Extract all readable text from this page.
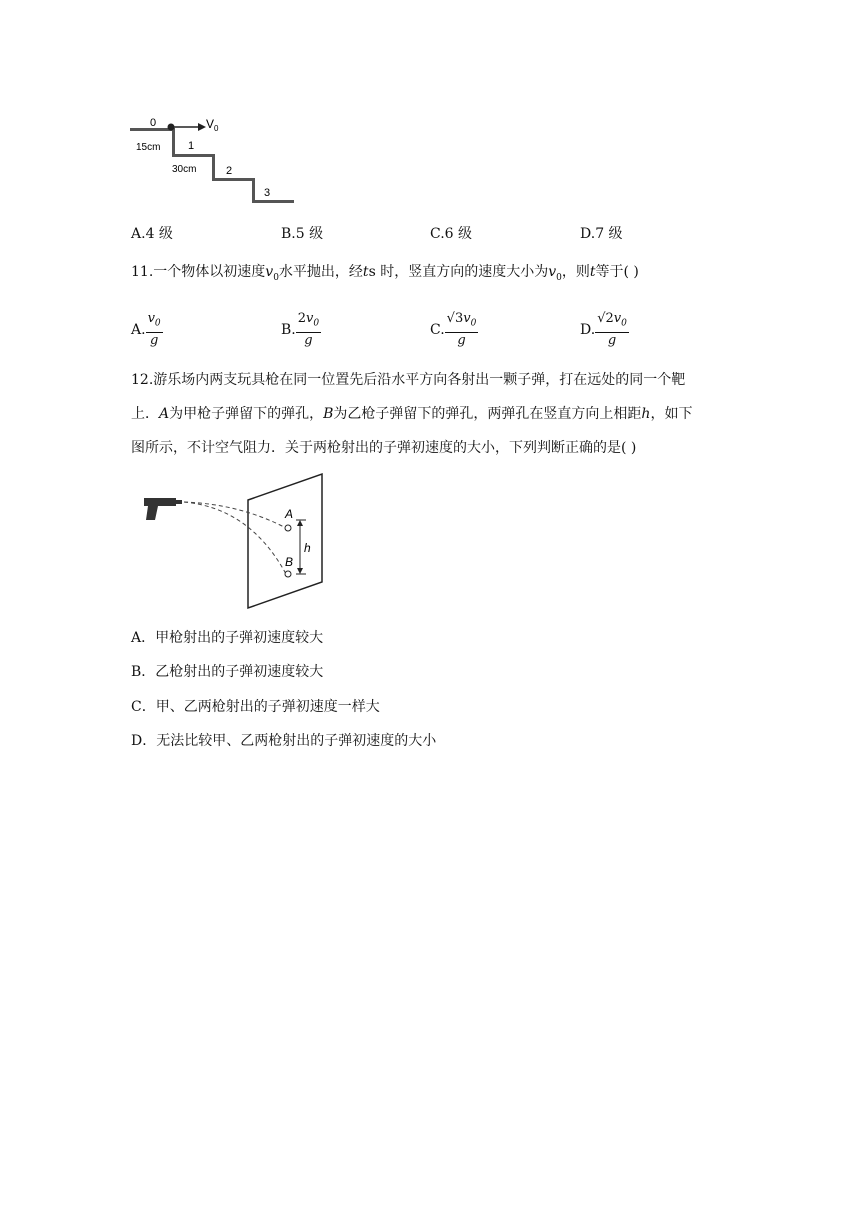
0	$V_0$
15cm	1
30cm	2
3
A.4 级	B.5 级	C.6 级	D.7 级
11.一个物体以初速度$v_0$水平抛出，经ts 时，竖直方向的速度大小为$v_0$，则t等于( )
A. $\frac{v_0}{g}$	B. $\frac{2v_0}{g}$	C. $\frac{√3v_0}{g}$	D. $\frac{√2v_0}{g}$
12.游乐场内两支玩具枪在同一位置先后沿水平方向各射出一颗子弹，打在远处的同一个靶
上．A为甲枪子弹留下的弹孔，B为乙枪子弹留下的弹孔，两弹孔在竖直方向上相距h，如下
图所示，不计空气阻力．关于两枪射出的子弹初速度的大小，下列判断正确的是( )
A
B
h
A．甲枪射出的子弹初速度较大
B．乙枪射出的子弹初速度较大
C．甲、乙两枪射出的子弹初速度一样大
D．无法比较甲、乙两枪射出的子弹初速度的大小
